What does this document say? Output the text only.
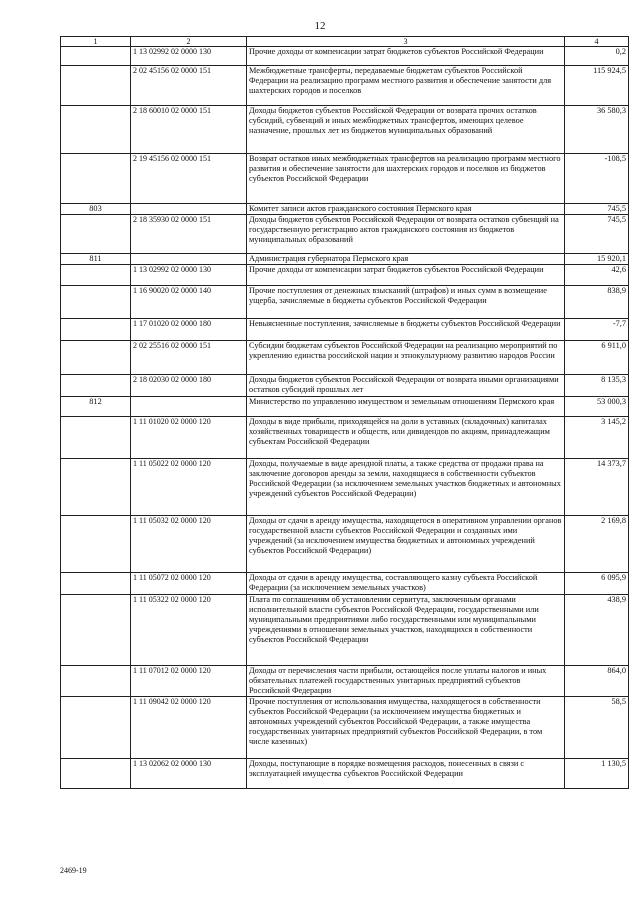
12
1	2	3	4
	1 13 02992 02 0000 130	Прочие доходы от компенсации затрат бюджетов субъектов Российской Федерации	0,2
	2 02 45156 02 0000 151	Межбюджетные трансферты, передаваемые бюджетам субъектов Российской Федерации на реализацию программ местного развития и обеспечение занятости для шахтерских городов и поселков	115 924,5
	2 18 60010 02 0000 151	Доходы бюджетов субъектов Российской Федерации от возврата прочих остатков субсидий, субвенций и иных межбюджетных трансфертов, имеющих целевое назначение, прошлых лет из бюджетов муниципальных образований	36 580,3
	2 19 45156 02 0000 151	Возврат остатков иных межбюджетных трансфертов на реализацию программ местного развития и обеспечение занятости для шахтерских городов и поселков из бюджетов субъектов Российской Федерации	-108,5
803		Комитет записи актов гражданского состояния Пермского края	745,5
	2 18 35930 02 0000 151	Доходы бюджетов субъектов Российской Федерации от возврата остатков субвенций на государственную регистрацию актов гражданского состояния из бюджетов муниципальных образований	745,5
811		Администрация губернатора Пермского края	15 920,1
	1 13 02992 02 0000 130	Прочие доходы от компенсации затрат бюджетов субъектов Российской Федерации	42,6
	1 16 90020 02 0000 140	Прочие поступления от денежных взысканий (штрафов) и иных сумм в возмещение ущерба, зачисляемые в бюджеты субъектов Российской Федерации	838,9
	1 17 01020 02 0000 180	Невыясненные поступления, зачисляемые в бюджеты субъектов Российской Федерации	-7,7
	2 02 25516 02 0000 151	Субсидии бюджетам субъектов Российской Федерации на реализацию мероприятий по укреплению единства российской нации и этнокультурному развитию народов России	6 911,0
	2 18 02030 02 0000 180	Доходы бюджетов субъектов Российской Федерации от возврата иными организациями остатков субсидий прошлых лет	8 135,3
812		Министерство по управлению имуществом и земельным отношениям Пермского края	53 000,3
	1 11 01020 02 0000 120	Доходы в виде прибыли, приходящейся на доли в уставных (складочных) капиталах хозяйственных товариществ и обществ, или дивидендов по акциям, принадлежащим субъектам Российской Федерации	3 145,2
	1 11 05022 02 0000 120	Доходы, получаемые в виде арендной платы, а также средства от продажи права на заключение договоров аренды за земли, находящиеся в собственности субъектов Российской Федерации (за исключением земельных участков бюджетных и автономных учреждений субъектов Российской Федерации)	14 373,7
	1 11 05032 02 0000 120	Доходы от сдачи в аренду имущества, находящегося в оперативном управлении органов государственной власти субъектов Российской Федерации и созданных ими учреждений (за исключением имущества бюджетных и автономных учреждений субъектов Российской Федерации)	2 169,8
	1 11 05072 02 0000 120	Доходы от сдачи в аренду имущества, составляющего казну субъекта Российской Федерации (за исключением земельных участков)	6 095,9
	1 11 05322 02 0000 120	Плата по соглашениям об установлении сервитута, заключенным органами исполнительной власти субъектов Российской Федерации, государственными или муниципальными предприятиями либо государственными или муниципальными учреждениями в отношении земельных участков, находящихся в собственности субъектов Российской Федерации	438,9
	1 11 07012 02 0000 120	Доходы от перечисления части прибыли, остающейся после уплаты налогов и иных обязательных платежей государственных унитарных предприятий субъектов Российской Федерации	864,0
	1 11 09042 02 0000 120	Прочие поступления от использования имущества, находящегося в собственности субъектов Российской Федерации (за исключением имущества бюджетных и автономных учреждений субъектов Российской Федерации, а также имущества государственных унитарных предприятий субъектов Российской Федерации, в том числе казенных)	58,5
	1 13 02062 02 0000 130	Доходы, поступающие в порядке возмещения расходов, понесенных в связи с эксплуатацией имущества субъектов Российской Федерации	1 130,5
2469-19
